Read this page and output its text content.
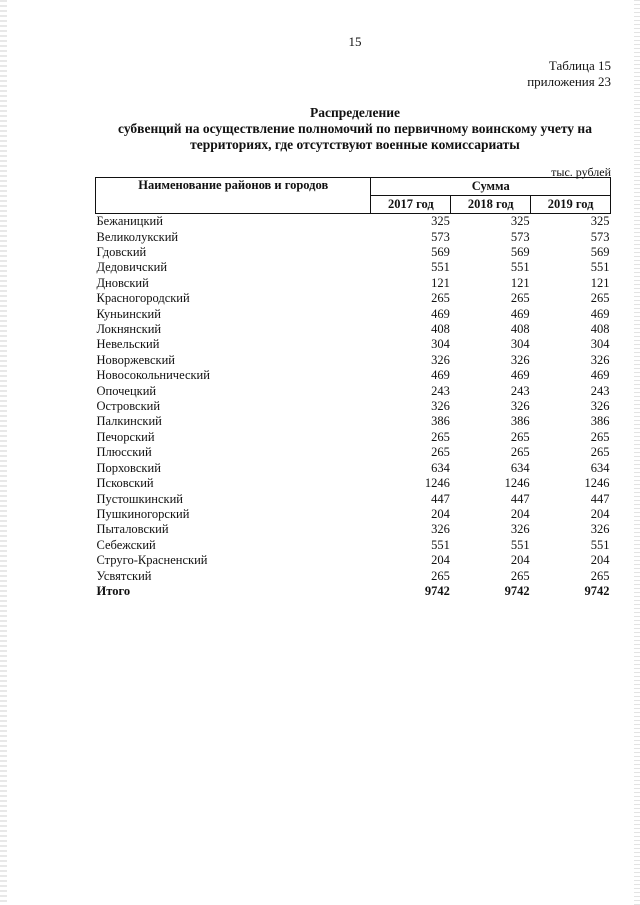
15
Таблица 15
приложения 23
Распределение
субвенций на осуществление полномочий по первичному воинскому учету на
территориях, где отсутствуют военные комиссариаты
тыс. рублей
Наименование районов и городов	Сумма		
	2017 год	2018 год	2019 год
Бежаницкий	325	325	325
Великолукский	573	573	573
Гдовский	569	569	569
Дедовичский	551	551	551
Дновский	121	121	121
Красногородский	265	265	265
Куньинский	469	469	469
Локнянский	408	408	408
Невельский	304	304	304
Новоржевский	326	326	326
Новосокольнический	469	469	469
Опочецкий	243	243	243
Островский	326	326	326
Палкинский	386	386	386
Печорский	265	265	265
Плюсский	265	265	265
Порховский	634	634	634
Псковский	1246	1246	1246
Пустошкинский	447	447	447
Пушкиногорский	204	204	204
Пыталовский	326	326	326
Себежский	551	551	551
Струго-Красненский	204	204	204
Усвятский	265	265	265
Итого	9742	9742	9742
